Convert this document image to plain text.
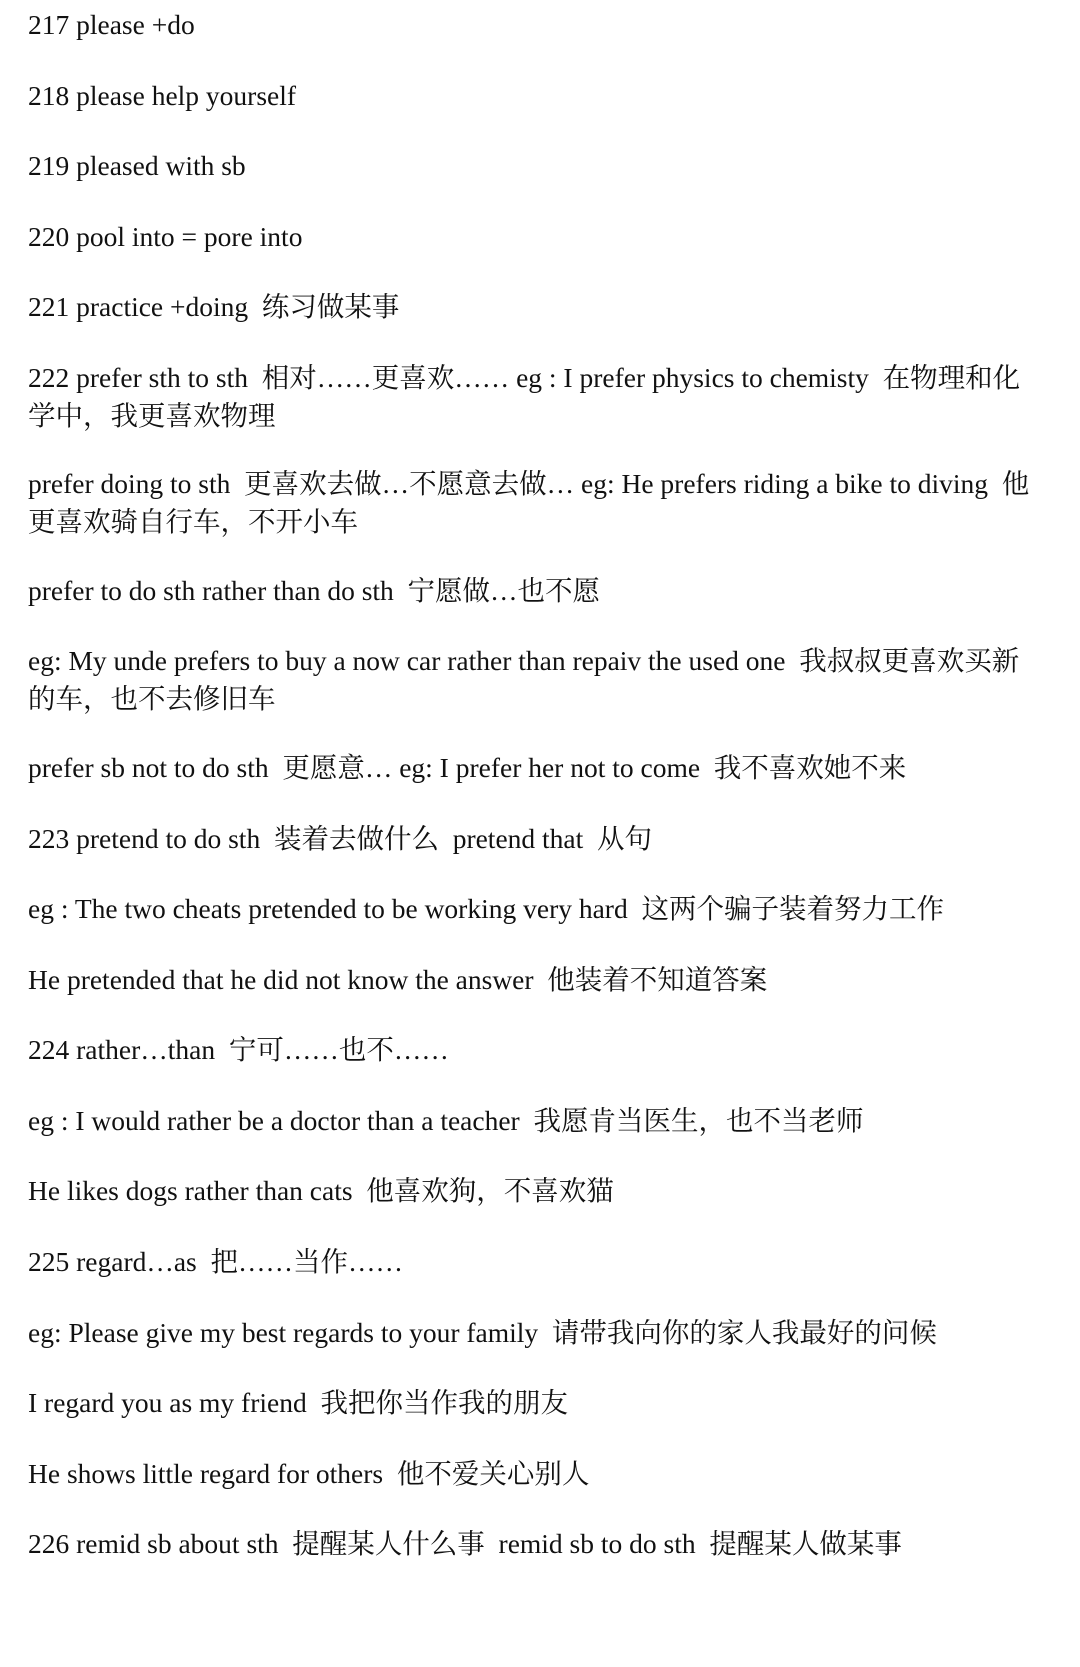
217 please +do
218 please help yourself
219 pleased with sb
220 pool into = pore into
221 practice +doing  练习做某事
222 prefer sth to sth  相对……更喜欢…… eg : I prefer physics to chemisty  在物理和化学中，我更喜欢物理
prefer doing to sth  更喜欢去做…不愿意去做… eg: He prefers riding a bike to diving  他更喜欢骑自行车，不开小车
prefer to do sth rather than do sth  宁愿做…也不愿
eg: My unde prefers to buy a now car rather than repaiv the used one  我叔叔更喜欢买新的车，也不去修旧车
prefer sb not to do sth  更愿意… eg: I prefer her not to come  我不喜欢她不来
223 pretend to do sth  装着去做什么  pretend that  从句
eg : The two cheats pretended to be working very hard  这两个骗子装着努力工作
He pretended that he did not know the answer  他装着不知道答案
224 rather…than  宁可……也不……
eg : I would rather be a doctor than a teacher  我愿肯当医生，也不当老师
He likes dogs rather than cats  他喜欢狗，不喜欢猫
225 regard…as  把……当作……
eg: Please give my best regards to your family  请带我向你的家人我最好的问候
I regard you as my friend  我把你当作我的朋友
He shows little regard for others  他不爱关心别人
226 remid sb about sth  提醒某人什么事  remid sb to do sth  提醒某人做某事
